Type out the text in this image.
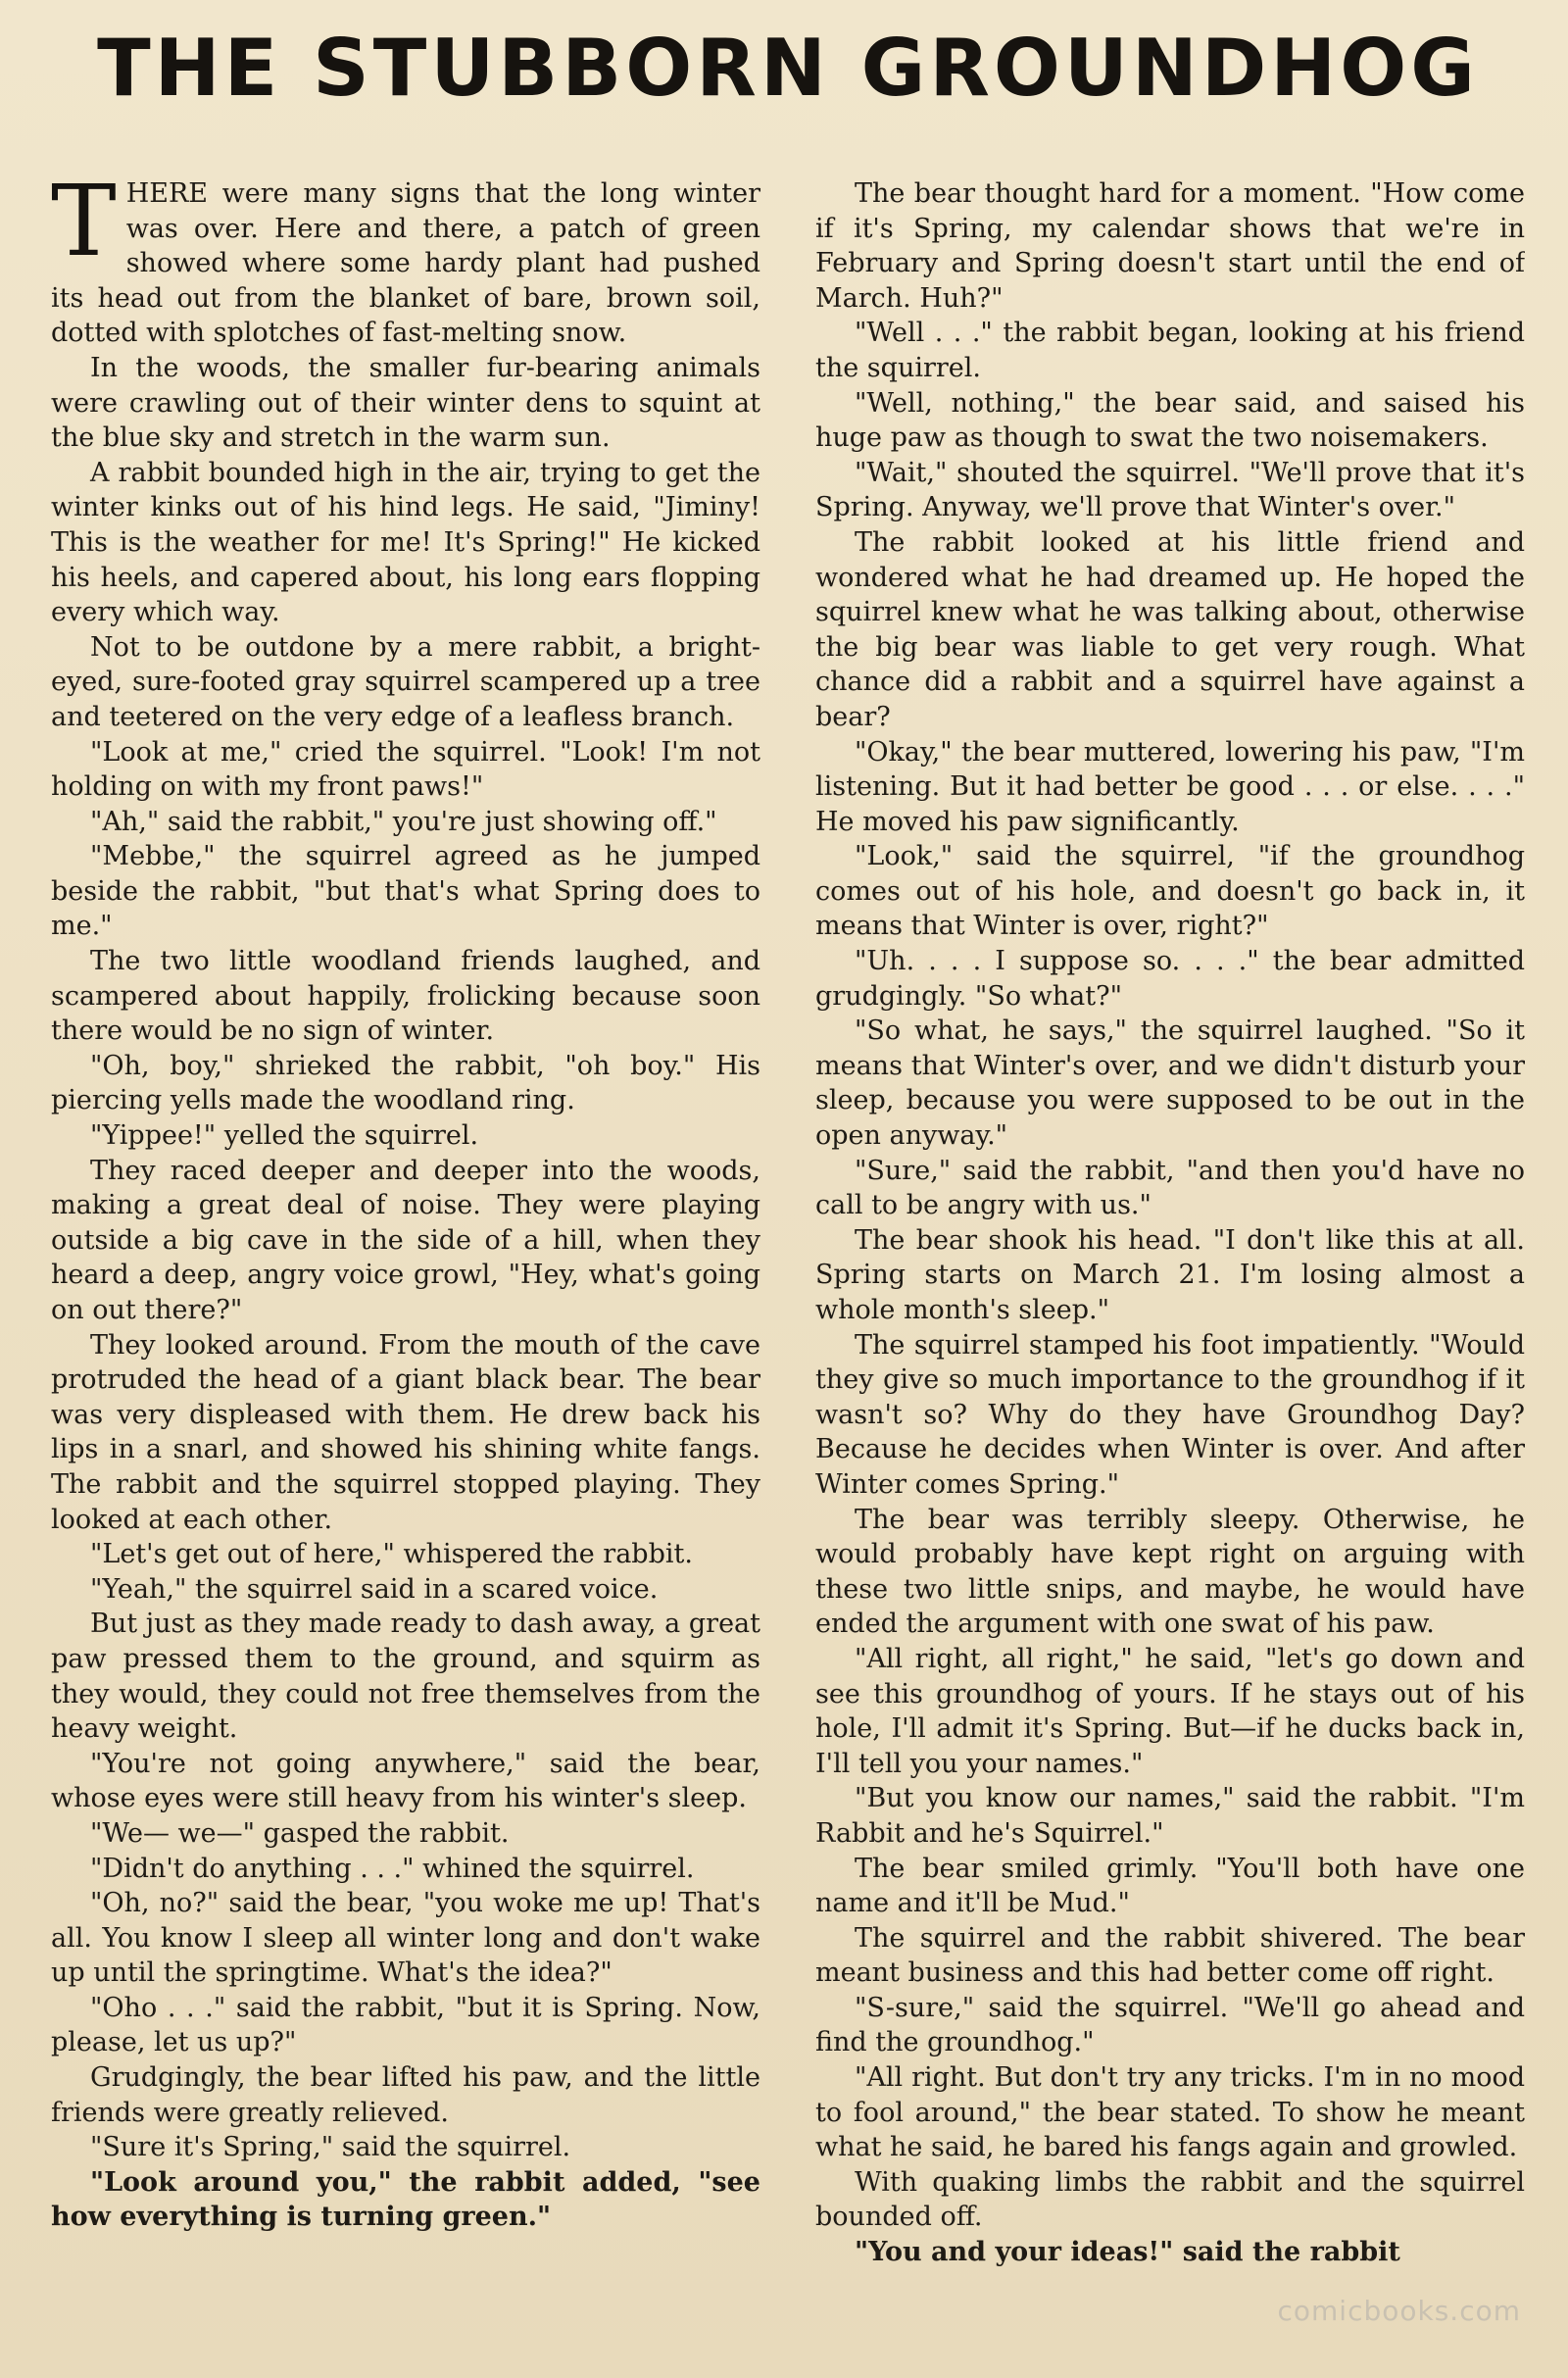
THE STUBBORN GROUNDHOG

THERE were many signs that the long winter was over. Here and there, a patch of green showed where some hardy plant had pushed its head out from the blanket of bare, brown soil, dotted with splotches of fast-melting snow.

In the woods, the smaller fur-bearing animals were crawling out of their winter dens to squint at the blue sky and stretch in the warm sun.

A rabbit bounded high in the air, trying to get the winter kinks out of his hind legs. He said, "Jiminy! This is the weather for me! It's Spring!" He kicked his heels, and capered about, his long ears flopping every which way.

Not to be outdone by a mere rabbit, a bright-eyed, sure-footed gray squirrel scampered up a tree and teetered on the very edge of a leafless branch.

"Look at me," cried the squirrel. "Look! I'm not holding on with my front paws!"

"Ah," said the rabbit," you're just showing off."

"Mebbe," the squirrel agreed as he jumped beside the rabbit, "but that's what Spring does to me."

The two little woodland friends laughed, and scampered about happily, frolicking because soon there would be no sign of winter.

"Oh, boy," shrieked the rabbit, "oh boy." His piercing yells made the woodland ring.

"Yippee!" yelled the squirrel.

They raced deeper and deeper into the woods, making a great deal of noise. They were playing outside a big cave in the side of a hill, when they heard a deep, angry voice growl, "Hey, what's going on out there?"

They looked around. From the mouth of the cave protruded the head of a giant black bear. The bear was very displeased with them. He drew back his lips in a snarl, and showed his shining white fangs. The rabbit and the squirrel stopped playing. They looked at each other.

"Let's get out of here," whispered the rabbit.

"Yeah," the squirrel said in a scared voice.

But just as they made ready to dash away, a great paw pressed them to the ground, and squirm as they would, they could not free themselves from the heavy weight.

"You're not going anywhere," said the bear, whose eyes were still heavy from his winter's sleep.

"We— we—" gasped the rabbit.

"Didn't do anything . . ." whined the squirrel.

"Oh, no?" said the bear, "you woke me up! That's all. You know I sleep all winter long and don't wake up until the springtime. What's the idea?"

"Oho . . ." said the rabbit, "but it is Spring. Now, please, let us up?"

Grudgingly, the bear lifted his paw, and the little friends were greatly relieved.

"Sure it's Spring," said the squirrel.

"Look around you," the rabbit added, "see how everything is turning green."

The bear thought hard for a moment. "How come if it's Spring, my calendar shows that we're in February and Spring doesn't start until the end of March. Huh?"

"Well . . ." the rabbit began, looking at his friend the squirrel.

"Well, nothing," the bear said, and saised his huge paw as though to swat the two noisemakers.

"Wait," shouted the squirrel. "We'll prove that it's Spring. Anyway, we'll prove that Winter's over."

The rabbit looked at his little friend and wondered what he had dreamed up. He hoped the squirrel knew what he was talking about, otherwise the big bear was liable to get very rough. What chance did a rabbit and a squirrel have against a bear?

"Okay," the bear muttered, lowering his paw, "I'm listening. But it had better be good . . . or else. . . ." He moved his paw significantly.

"Look," said the squirrel, "if the groundhog comes out of his hole, and doesn't go back in, it means that Winter is over, right?"

"Uh. . . . I suppose so. . . ." the bear admitted grudgingly. "So what?"

"So what, he says," the squirrel laughed. "So it means that Winter's over, and we didn't disturb your sleep, because you were supposed to be out in the open anyway."

"Sure," said the rabbit, "and then you'd have no call to be angry with us."

The bear shook his head. "I don't like this at all. Spring starts on March 21. I'm losing almost a whole month's sleep."

The squirrel stamped his foot impatiently. "Would they give so much importance to the groundhog if it wasn't so? Why do they have Groundhog Day? Because he decides when Winter is over. And after Winter comes Spring."

The bear was terribly sleepy. Otherwise, he would probably have kept right on arguing with these two little snips, and maybe, he would have ended the argument with one swat of his paw.

"All right, all right," he said, "let's go down and see this groundhog of yours. If he stays out of his hole, I'll admit it's Spring. But—if he ducks back in, I'll tell you your names."

"But you know our names," said the rabbit. "I'm Rabbit and he's Squirrel."

The bear smiled grimly. "You'll both have one name and it'll be Mud."

The squirrel and the rabbit shivered. The bear meant business and this had better come off right.

"S-sure," said the squirrel. "We'll go ahead and find the groundhog."

"All right. But don't try any tricks. I'm in no mood to fool around," the bear stated. To show he meant what he said, he bared his fangs again and growled.

With quaking limbs the rabbit and the squirrel bounded off.

"You and your ideas!" said the rabbit

comicbooks.com
